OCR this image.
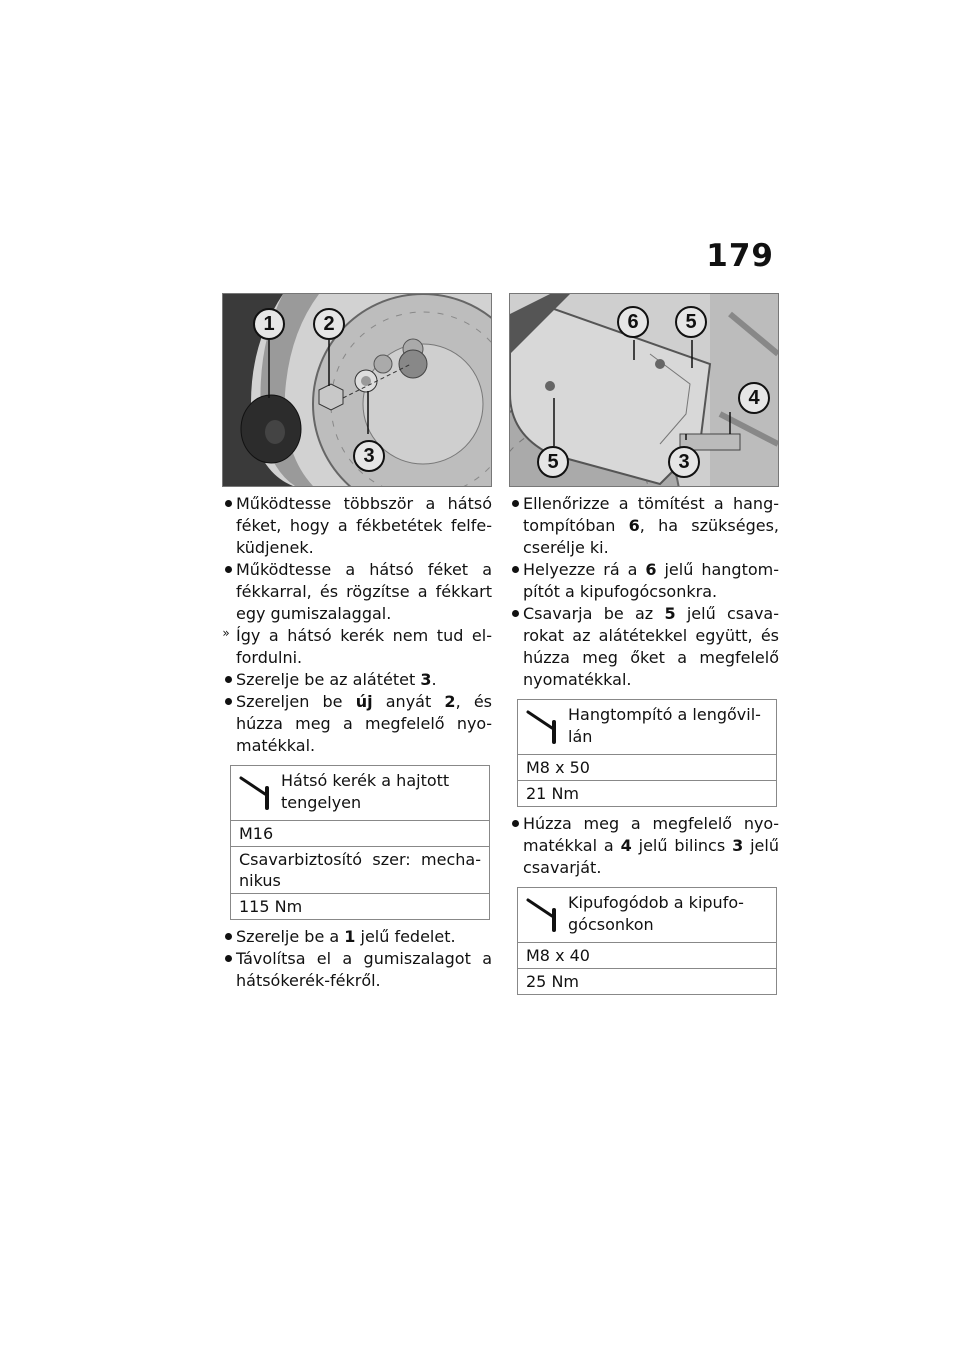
179
1	2
3
Működtesse többször a hátsó féket, hogy a fékbetétek felfeküdjenek.
Működtesse a hátsó féket a fékkarral, és rögzítse a fékkart egy gumiszalaggal.
» Így a hátsó kerék nem tud elfordulni.
Szerelje be az alátétet 3.
Szereljen be új anyát 2, és húzza meg a megfelelő nyomatékkal.
Hátsó kerék a hajtott tengelyen
M16
Csavarbiztosító szer: mechanikus
115 Nm
Szerelje be a 1 jelű fedelet.
Távolítsa el a gumiszalagot a hátsókerék-fékről.
6	5
4
5	3
Ellenőrizze a tömítést a hangtompítóban 6, ha szükséges, cserélje ki.
Helyezze rá a 6 jelű hangtompítót a kipufogócsonkra.
Csavarja be az 5 jelű csavarokat az alátétekkel együtt, és húzza meg őket a megfelelő nyomatékkal.
Hangtompító a lengővillán
M8 x 50
21 Nm
Húzza meg a megfelelő nyomatékkal a 4 jelű bilincs 3 jelű csavarját.
Kipufogódob a kipufogócsonkon
M8 x 40
25 Nm
